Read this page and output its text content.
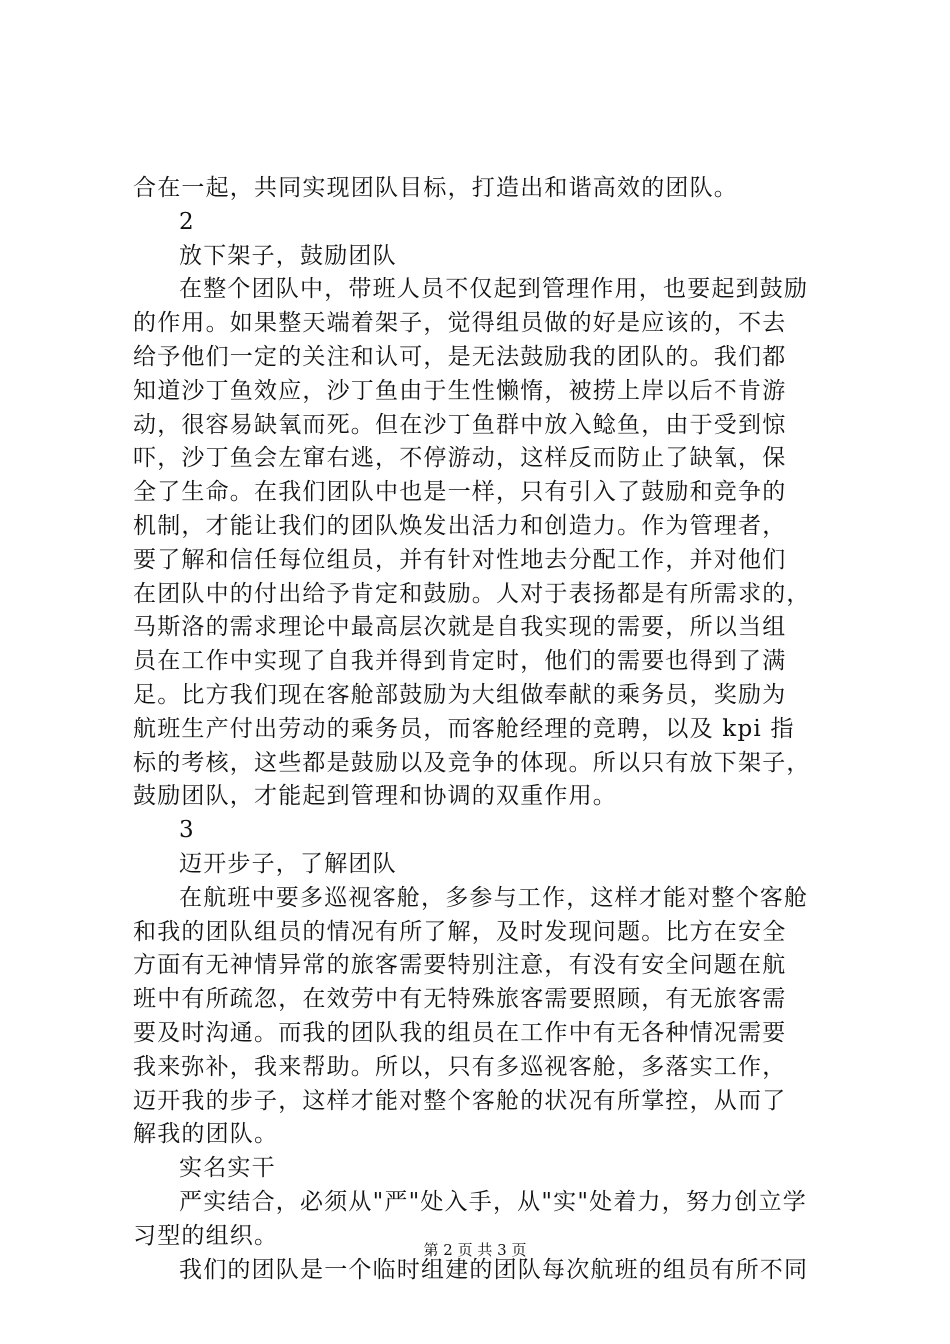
合在一起，共同实现团队目标，打造出和谐高效的团队。
2
放下架子，鼓励团队
在整个团队中，带班人员不仅起到管理作用，也要起到鼓励
的作用。如果整天端着架子，觉得组员做的好是应该的，不去
给予他们一定的关注和认可，是无法鼓励我的团队的。我们都
知道沙丁鱼效应，沙丁鱼由于生性懒惰，被捞上岸以后不肯游
动，很容易缺氧而死。但在沙丁鱼群中放入鲶鱼，由于受到惊
吓，沙丁鱼会左窜右逃，不停游动，这样反而防止了缺氧，保
全了生命。在我们团队中也是一样，只有引入了鼓励和竞争的
机制，才能让我们的团队焕发出活力和创造力。作为管理者，
要了解和信任每位组员，并有针对性地去分配工作，并对他们
在团队中的付出给予肯定和鼓励。人对于表扬都是有所需求的，
马斯洛的需求理论中最高层次就是自我实现的需要，所以当组
员在工作中实现了自我并得到肯定时，他们的需要也得到了满
足。比方我们现在客舱部鼓励为大组做奉献的乘务员，奖励为
航班生产付出劳动的乘务员，而客舱经理的竞聘，以及 kpi 指
标的考核，这些都是鼓励以及竞争的体现。所以只有放下架子，
鼓励团队，才能起到管理和协调的双重作用。
3
迈开步子，了解团队
在航班中要多巡视客舱，多参与工作，这样才能对整个客舱
和我的团队组员的情况有所了解，及时发现问题。比方在安全
方面有无神情异常的旅客需要特别注意，有没有安全问题在航
班中有所疏忽，在效劳中有无特殊旅客需要照顾，有无旅客需
要及时沟通。而我的团队我的组员在工作中有无各种情况需要
我来弥补，我来帮助。所以，只有多巡视客舱，多落实工作，
迈开我的步子，这样才能对整个客舱的状况有所掌控，从而了
解我的团队。
实名实干
严实结合，必须从"严"处入手，从"实"处着力，努力创立学
习型的组织。
我们的团队是一个临时组建的团队每次航班的组员有所不同
第 2 页 共 3 页
